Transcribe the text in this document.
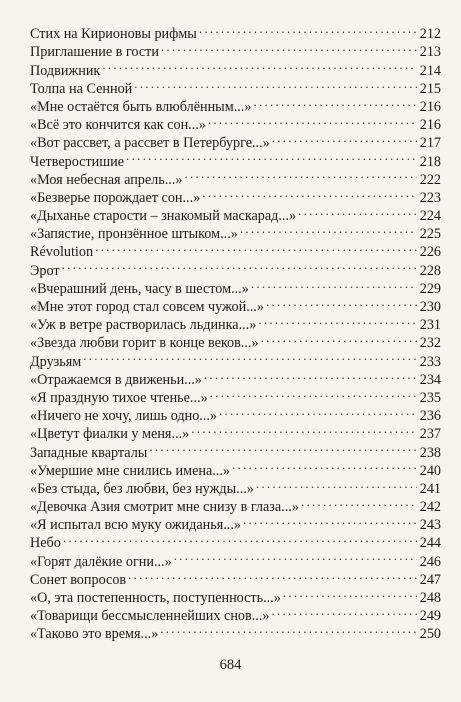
Стих на Кирионовы рифмы . . .	212
Приглашение в гости . . .	213
Подвижник . . .	214
Толпа на Сенной . . .	215
«Мне остаётся быть влюблённым...» . . .	216
«Всё это кончится как сон...» . . .	216
«Вот рассвет, а рассвет в Петербурге...» . . .	217
Четверостишие . . .	218
«Моя небесная апрель...» . . .	222
«Безверье порождает сон...» . . .	223
«Дыханье старости – знакомый маскарад...» . . .	224
«Запястие, пронзённое штыком...» . . .	225
Révolution . . .	226
Эрот . . .	228
«Вчерашний день, часу в шестом...» . . .	229
«Мне этот город стал совсем чужой...» . . .	230
«Уж в ветре растворилась льдинка...» . . .	231
«Звезда любви горит в конце веков...» . . .	232
Друзьям . . .	233
«Отражаемся в движеньи...» . . .	234
«Я праздную тихое чтенье...» . . .	235
«Ничего не хочу, лишь одно...» . . .	236
«Цветут фиалки у меня...» . . .	237
Западные кварталы . . .	238
«Умершие мне снились имена...» . . .	240
«Без стыда, без любви, без нужды...» . . .	241
«Девочка Азия смотрит мне снизу в глаза...» . . .	242
«Я испытал всю муку ожиданья...» . . .	243
Небо . . .	244
«Горят далёкие огни...» . . .	246
Сонет вопросов . . .	247
«О, эта постепенность, поступенность...» . . .	248
«Товарищи бессмысленнейших снов...» . . .	249
«Таково это время...» . . .	250
684
